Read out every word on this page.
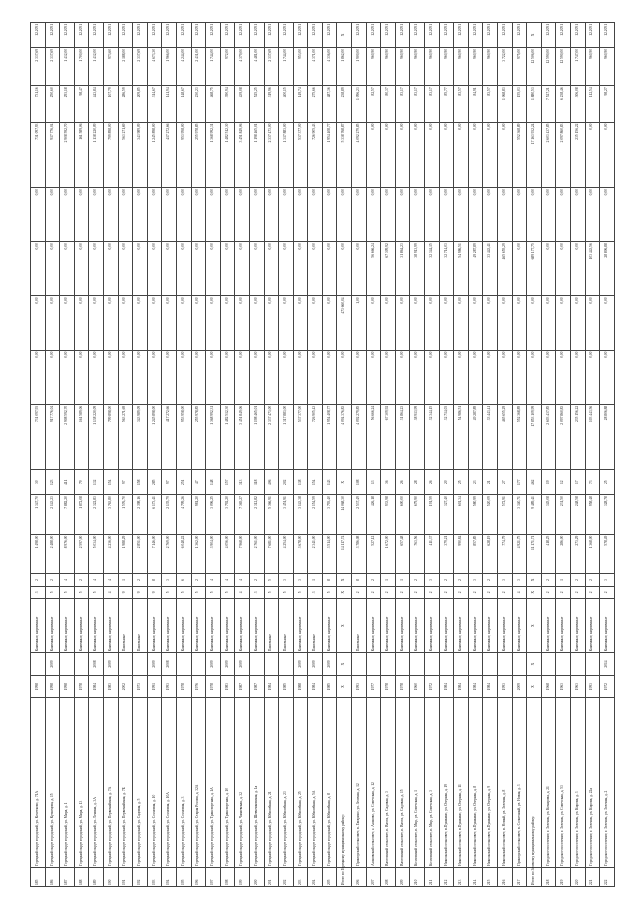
185	Горецкий округ городский, ул. Кочетково, д. 71А	1998		Каменные, кирпичные	3	2	1 498,00	1 347,70	30	731 097,93	0,00	0,00	0,00	0,00	731 097,93	731,16	2 337,69	12.2051
186	Горецкий округ городский, ул. Кузнецова, д. 15	1998	2009	Каменные, кирпичные	5	2	2 488,00	2 143,23	123	917 776,04	0,00	0,00	0,00	0,00	917 776,04	250,60	2 337,69	12.2051
187	Горецкий округ городский, ул. Мира, д. 1	1998		Каменные, кирпичные	5	4	8 976,00	7 882,20	411	2 908 592,70	0,00	0,00	0,00	0,00	2 908 592,70	293,18	1 432,00	12.2051
188	Горецкий округ городский, ул. Мира, д. 13	1978		Каменные, кирпичные	5	2	2 597,00	1 872,08	79	161 589,06	0,00	0,00	0,00	0,00	161 589,06	98,47	1 700,00	12.2051
189	Горецкий округ городский, ул. Ленина, д. 3А	1984	2008	Каменные, кирпичные	5	4	5 034,00	2 322,83	132	1 138 220,09	0,00	0,00	0,00	0,00	1 138 220,09	443,84	1 432,00	12.2051
190	Горецкий округ городский, ул. Первомайская, д. 7А	1983	2009	Каменные, кирпичные	4	4	4 236,00	3 763,80	154	799 898,00	0,00	0,00	0,00	0,00	799 898,00	107,79	973,60	12.2051
191	Горецкий округ городский, ул. Первомайская, д. 7Б	2002		Панельные	9	1	1 988,29	1 576,70	97	563 271,69	0,00	0,00	0,00	0,00	563 271,69	286,59	2 188,00	12.2051
192	Горецкий округ городский, ул. Садовая, д. 5	1973		Панельные	9	2	2 851,00	2 398,16	158	343 989,09	0,00	0,00	0,00	0,00	343 989,09	209,85	2 337,69	12.2051
193	Горецкий округ городский, ул. Сосновая, д. 10	1991	2009	Каменные, кирпичные	9	8	7 146,00	6 173,41	285	1 245 898,00	0,00	0,00	0,00	0,00	1 245 898,00	314,67	4 673,30	12.2051
194	Горецкий округ городский, ул. Сосновая, д. 10А	1993	2008	Каменные, кирпичные	5	3	2 769,00	2 135,79	97	417 272,66	0,00	0,00	0,00	0,00	417 272,66	141,94	1 966,00	12.2051
195	Горецкий округ городский, ул. Сосновая, д. 3	1978		Каменные, кирпичные	5	6	6 048,22	4 799,26	251	953 958,00	0,00	0,00	0,00	0,00	953 958,00	148,67	4 244,00	12.2051
196	Горецкий округ городский, ул. Старая Россия, д. 32А	1976		Каменные, кирпичные	5	2	1 362,00	981,20	47	255 978,85	0,00	0,00	0,00	0,00	255 978,85	230,23	2 431,00	12.2051
197	Горецкий округ городский, ул. Транспортная, д. 1А	1978	2009	Каменные, кирпичные	5	4	3 904,00	3 096,25	148	1 368 992,31	0,00	0,00	0,00	0,00	1 368 992,31	468,75	1 744,00	12.2051
198	Горецкий округ городский, ул. Транспортная, д. 10	1983	2009	Каменные, кирпичные	5	4	4 056,00	3 792,20	157	1 482 512,30	0,00	0,00	0,00	0,00	1 482 512,30	390,94	972,00	12.2051
199	Горецкий округ городский, ул. Чапаевская, д. 32	1987	2009	Каменные, кирпичные	4	4	7 968,00	7 365,27	313	3 451 849,06	0,00	0,00	0,00	0,00	3 451 849,06	439,08	4 379,00	12.2051
200	Горецкий округ городский, ул. Шевченковская, д. 1а	1987		Каменные, кирпичные	3	2	2 761,00	2 312,82	118	1 198 465,01	0,00	0,00	0,00	0,00	1 198 465,01	525,25	4 481,00	12.2051
201	Горецкий округ городский, ул. Юбилейная, д. 21	1984		Панельные	5	5	7 681,00	5 366,91	406	2 337 473,00	0,00	0,00	0,00	0,00	2 337 473,00	319,96	2 337,69	12.2051
202	Горецкий округ городский, ул. Юбилейная, д. 23	1985		Панельные	5	3	4 254,00	3 451,91	202	1 317 883,00	0,00	0,00	0,00	0,00	1 317 883,00	400,15	1 744,00	12.2051
203	Горецкий округ городский, ул. Юбилейная, д. 25	1988	2009	Каменные, кирпичные	5	3	3 678,00	3 143,38	138	537 377,00	0,00	0,00	0,00	0,00	537 377,00	149,74	953,00	12.2051
204	Горецкий округ городский, ул. Юбилейная, д. 5А	1984	2009	Панельные	3	1	2 341,00	2 154,59	154	726 905,43	0,00	0,00	0,00	0,00	726 905,43	275,66	4 371,00	12.2051
205	Горецкий округ городский, ул. Юбилейная, д. 8	1985	2009	Каменные, кирпичные	5	8	3 514,00	3 793,40	143	1 954 408,77	0,00	0,00	0,00	0,00	1 954 408,77	487,36	4 336,00	12.2051
Итого по Горецкому муниципальному району:		X	X	X	X	X	14 117,74	14 068,30	X	4 094 376,83	0,00	473 660,04	0,00	0,00	5 338 768,87	238,89	1 862,00	X
206	Приморский сельсовет, п. Гагарино, ул. Зеленая, д. 12	1993		Панельные	2	8	3 786,08	2 537,49	108	4 092 279,85	0,00	1,00	0,00	0,00	4 092 279,85	1 096,23	1 900,00	12.2051
207	Асановский сельсовет, с. Асаново, ул. Советская, д. 12	1977		Каменные, кирпичные	2	2	527,12	426,18	13	56 666,24	0,00	0,00	56 666,24	0,00	0,00	82,57	960,90	12.2051
208	Вахтовский сельсовет, п. Вахта, ул. Садовая, д. 3	1978		Каменные, кирпичные	2	1	1 672,00	933,98	36	67 309,92	0,00	0,00	67 309,92	0,00	0,00	80,37	960,90	12.2051
209	Вахтовский сельсовет, п. Вахта, ул. Садовая, д. 15	1978		Каменные, кирпичные	2	1	657,48	600,00	26	31 864,23	0,00	0,00	31 864,23	0,00	0,00	83,17	960,90	12.2051
210	Козловский сельсовет, п. Мир, ул. Советская, д. 1	1960		Каменные, кирпичные	2	2	763,56	679,90	28	38 913,99	0,00	0,00	38 913,99	0,00	0,00	83,17	960,90	12.2051
211	Козловский сельсовет, п. Мир, ул. Советская, д. 3	1972		Каменные, кирпичные	2	3	411,37	191,59	26	32 344,15	0,00	0,00	32 344,15	0,00	0,00	83,17	960,90	12.2051
212	Никольский сельсовет, п.Пушкино, ул. Озерная, д. 19	1984		Каменные, кирпичные	2	2	379,21	327,40	20	32 714,03	0,00	0,00	32 714,03	0,00	0,00	85,77	960,90	12.2051
213	Никольский сельсовет, п.Пушкино, ул. Озерная, д. 11	1984		Каменные, кирпичные	2	2	990,84	601,34	25	54 986,51	0,00	0,00	54 986,51	0,00	0,00	83,57	960,90	12.2051
214	Никольский сельсовет, п.Пушкино, ул. Озерная, д. 8	1984		Каменные, кирпичные	2	3	857,85	580,99	23	49 287,89	0,00	0,00	49 287,89	0,00	0,00	84,91	960,90	12.2051
215	Никольский сельсовет, п.Пушкино, ул. Озерная, д. 9	1984		Каменные, кирпичные	2	2	628,19	520,09	21	33 443,41	0,00	0,00	33 443,41	0,00	0,00	83,57	960,90	12.2051
216	Никольский сельсовет, п. Новый, ул. Зеленая, д. 8	1993		Каменные, кирпичные	2	3	774,79	572,91	27	465 655,29	0,00	0,00	465 655,29	0,00	0,00	1 068,83	3 722,00	12.2051
217	Приморский сельсовет, п. Солнечный, ул. Новая, д. 3	2009		Каменные, кирпичные	4	3	4 921,75	3 340,71	177	552 368,89	0,00	0,00	0,00	0,00	552 368,89	155,03	975,00	12.2051
Итого по Зеленому муниципальному району:		X	X	X	X	X	11 171,71	9 489,41	462	17 853 109,99	0,00	0,00	689 177,75	0,00	17 163 932,24	1 880,53	12 506,00	X
218	Городское поселение, г. Зеленск, ул. Комарова, д. 21	1968		Каменные, кирпичные	2	2	418,25	345,08	19	2 603 437,85	0,00	0,00	0,00	0,00	2 603 437,85	7 527,21	12 590,00	12.2051
219	Городское поселение, г. Зеленск, ул. Советская, д. 53	1963		Каменные, кирпичные	2	1	286,00	231,50	12	2 097 860,83	0,00	0,00	0,00	0,00	2 097 860,83	6 238,46	12 590,00	12.2051
220	Городское поселение, г. Зеленск, ул. Кирова, д. 3	1963		Каменные, кирпичные	2	2	273,29	248,58	17	235 156,22	0,00	0,00	0,00	0,00	235 156,22	306,08	1 747,00	12.2051
221	Городское поселение, г. Зеленск, ул. Кирова, д. 22а	1993		Каменные, кирпичные	2	2	1 368,00	958,48	73	103 443,56	0,00	0,00	103 443,56	0,00	0,00	112,54	960,90	12.2051
222	Городское поселение, г. Зеленск, ул. Зеленая, д. 2	1972	2014	Каменные, кирпичные	2	3	578,49	328,78	25	28 806,88	0,00	0,00	28 806,88	0,00	0,00	98,27	960,90	12.2051
